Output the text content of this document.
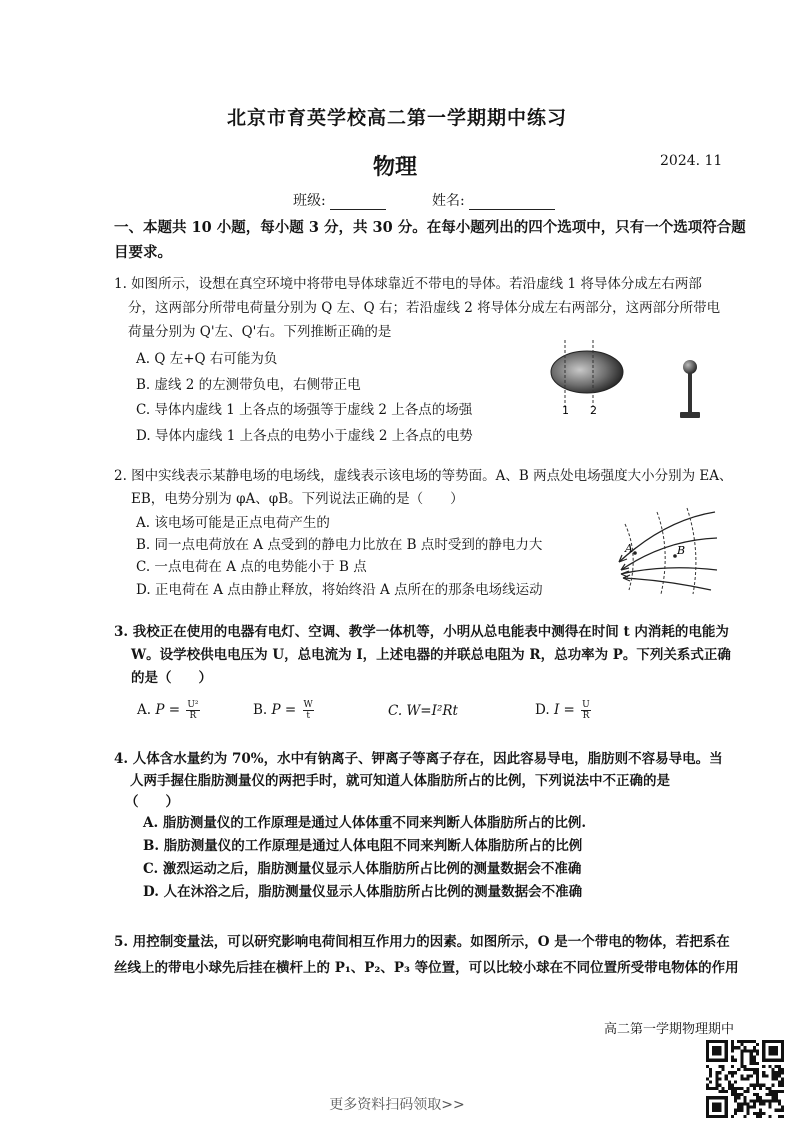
北京市育英学校高二第一学期期中练习
物理	2024. 11
班级:	姓名:
一、本题共 10 小题，每小题 3 分，共 30 分。在每小题列出的四个选项中，只有一个选项符合题目要求。
1. 如图所示，设想在真空环境中将带电导体球靠近不带电的导体。若沿虚线 1 将导体分成左右两部
分，这两部分所带电荷量分别为 Q 左、Q 右；若沿虚线 2 将导体分成左右两部分，这两部分所带电
荷量分别为 Q'左、Q'右。下列推断正确的是
A. Q 左+Q 右可能为负
B. 虚线 2 的左测带负电，右侧带正电
C. 导体内虚线 1 上各点的场强等于虚线 2 上各点的场强
D. 导体内虚线 1 上各点的电势小于虚线 2 上各点的电势
1 2
2. 图中实线表示某静电场的电场线，虚线表示该电场的等势面。A、B 两点处电场强度大小分别为 EA、
EB，电势分别为 φA、φB。下列说法正确的是（　　）
A. 该电场可能是正点电荷产生的
B. 同一点电荷放在 A 点受到的静电力比放在 B 点时受到的静电力大
C. 一点电荷在 A 点的电势能小于 B 点
D. 正电荷在 A 点由静止释放，将始终沿 A 点所在的那条电场线运动
A	B
3. 我校正在使用的电器有电灯、空调、教学一体机等，小明从总电能表中测得在时间 t 内消耗的电能为
W。设学校供电电压为 U，总电流为 I，上述电器的并联总电阻为 R，总功率为 P。下列关系式正确
的是（　　）
A. $P = \frac{\text{U²}}{R}$	B. $P = \frac{W}{t}$	C. W=I²Rt	D. $I = \frac{U}{R}$
4. 人体含水量约为 70%，水中有钠离子、钾离子等离子存在，因此容易导电，脂肪则不容易导电。当
人两手握住脂肪测量仪的两把手时，就可知道人体脂肪所占的比例，下列说法中不正确的是
（　　）
A. 脂肪测量仪的工作原理是通过人体体重不同来判断人体脂肪所占的比例.
B. 脂肪测量仪的工作原理是通过人体电阻不同来判断人体脂肪所占的比例
C. 激烈运动之后，脂肪测量仪显示人体脂肪所占比例的测量数据会不准确
D. 人在沐浴之后，脂肪测量仪显示人体脂肪所占比例的测量数据会不准确
5. 用控制变量法，可以研究影响电荷间相互作用力的因素。如图所示，O 是一个带电的物体，若把系在
丝线上的带电小球先后挂在横杆上的 P₁、P₂、P₃ 等位置，可以比较小球在不同位置所受带电物体的作用
高二第一学期物理期中
更多资料扫码领取>>
